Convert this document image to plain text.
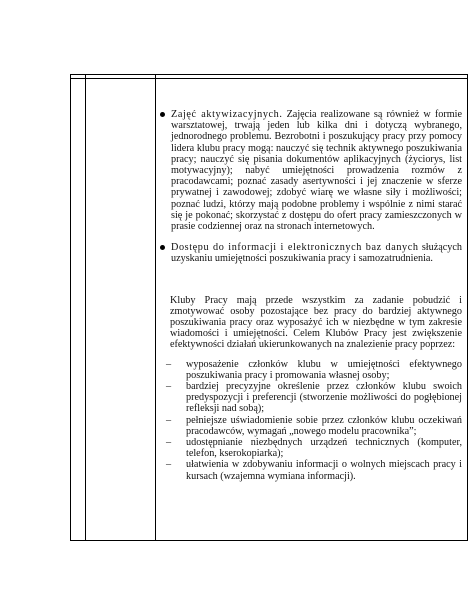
Zajęć aktywizacyjnych. Zajęcia realizowane są również w formie warsztatowej, trwają jeden lub kilka dni i dotyczą wybranego, jednorodnego problemu. Bezrobotni i poszukujący pracy przy pomocy lidera klubu pracy mogą: nauczyć się technik aktywnego poszukiwania pracy; nauczyć się pisania dokumentów aplikacyjnych (życiorys, list motywacyjny); nabyć umiejętności prowadzenia rozmów z pracodawcami; poznać zasady asertywności i jej znaczenie w sferze prywatnej i zawodowej; zdobyć wiarę we własne siły i możliwości; poznać ludzi, którzy mają podobne problemy i wspólnie z nimi starać się je pokonać; skorzystać z dostępu do ofert pracy zamieszczonych w prasie codziennej oraz na stronach internetowych.
Dostępu do informacji i elektronicznych baz danych służących uzyskaniu umiejętności poszukiwania pracy i samozatrudnienia.
Kluby Pracy mają przede wszystkim za zadanie pobudzić i zmotywować osoby pozostające bez pracy do bardziej aktywnego poszukiwania pracy oraz wyposażyć ich w niezbędne w tym zakresie wiadomości i umiejętności. Celem Klubów Pracy jest zwiększenie efektywności działań ukierunkowanych na znalezienie pracy poprzez:
– wyposażenie członków klubu w umiejętności efektywnego poszukiwania pracy i promowania własnej osoby;
– bardziej precyzyjne określenie przez członków klubu swoich predyspozycji i preferencji (stworzenie możliwości do pogłębionej refleksji nad sobą);
– pełniejsze uświadomienie sobie przez członków klubu oczekiwań pracodawców, wymagań „nowego modelu pracownika”;
– udostępnianie niezbędnych urządzeń technicznych (komputer, telefon, kserokopiarka);
– ułatwienia w zdobywaniu informacji o wolnych miejscach pracy i kursach (wzajemna wymiana informacji).
